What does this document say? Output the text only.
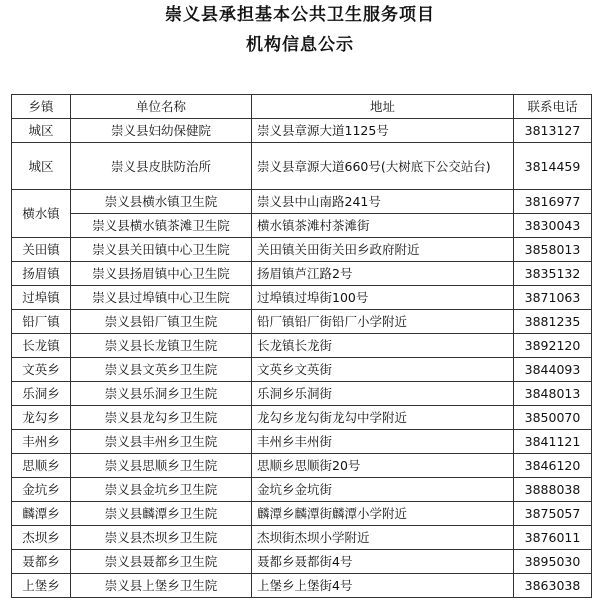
崇义县承担基本公共卫生服务项目
机构信息公示
乡镇	单位名称	地址	联系电话
城区	崇义县妇幼保健院	崇义县章源大道1125号	3813127
城区	崇义县皮肤防治所	崇义县章源大道660号(大树底下公交站台)	3814459
横水镇	崇义县横水镇卫生院	崇义县中山南路241号	3816977
	崇义县横水镇茶滩卫生院	横水镇茶滩村茶滩街	3830043
关田镇	崇义县关田镇中心卫生院	关田镇关田街关田乡政府附近	3858013
扬眉镇	崇义县扬眉镇中心卫生院	扬眉镇芦江路2号	3835132
过埠镇	崇义县过埠镇中心卫生院	过埠镇过埠街100号	3871063
铅厂镇	崇义县铅厂镇卫生院	铅厂镇铅厂街铅厂小学附近	3881235
长龙镇	崇义县长龙镇卫生院	长龙镇长龙街	3892120
文英乡	崇义县文英乡卫生院	文英乡文英街	3844093
乐洞乡	崇义县乐洞乡卫生院	乐洞乡乐洞街	3848013
龙勾乡	崇义县龙勾乡卫生院	龙勾乡龙勾街龙勾中学附近	3850070
丰州乡	崇义县丰州乡卫生院	丰州乡丰州街	3841121
思顺乡	崇义县思顺乡卫生院	思顺乡思顺街20号	3846120
金坑乡	崇义县金坑乡卫生院	金坑乡金坑街	3888038
麟潭乡	崇义县麟潭乡卫生院	麟潭乡麟潭街麟潭小学附近	3875057
杰坝乡	崇义县杰坝乡卫生院	杰坝街杰坝小学附近	3876011
聂都乡	崇义县聂都乡卫生院	聂都乡聂都街4号	3895030
上堡乡	崇义县上堡乡卫生院	上堡乡上堡街4号	3863038
